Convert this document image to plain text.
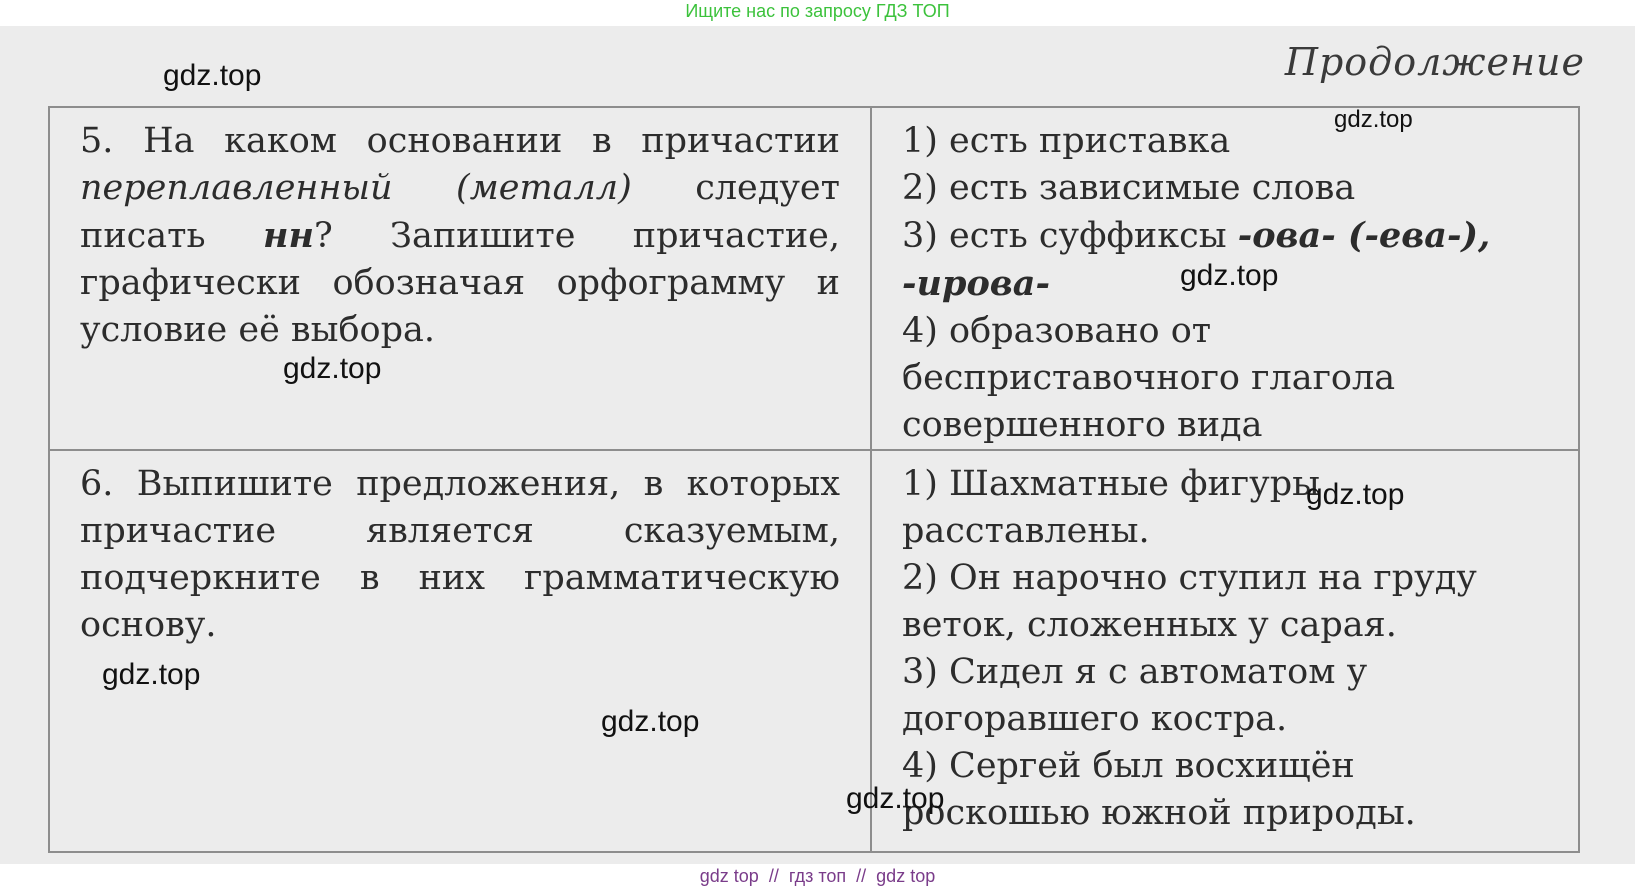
Ищите нас по запросу ГДЗ ТОП
Продолжение
5. На каком основании в причастии переплавленный (металл) следует писать нн? Запишите причастие, графически обозначая орфограмму и условие её выбора.	1) есть приставка
2) есть зависимые слова
3) есть суффиксы -ова- (-ева-), -ирова-
4) образовано от бесприставочного глагола совершенного вида

6. Выпишите предложения, в которых причастие является сказуемым, подчеркните в них грамматическую основу.	1) Шахматные фигуры расставлены.
2) Он нарочно ступил на груду веток, сложенных у сарая.
3) Сидел я с автоматом у догоравшего костра.
4) Сергей был восхищён роскошью южной природы.
gdz.top
gdz.top
gdz.top
gdz.top
gdz.top
gdz.top
gdz.top
gdz.top
gdz top // гдз топ // gdz top
